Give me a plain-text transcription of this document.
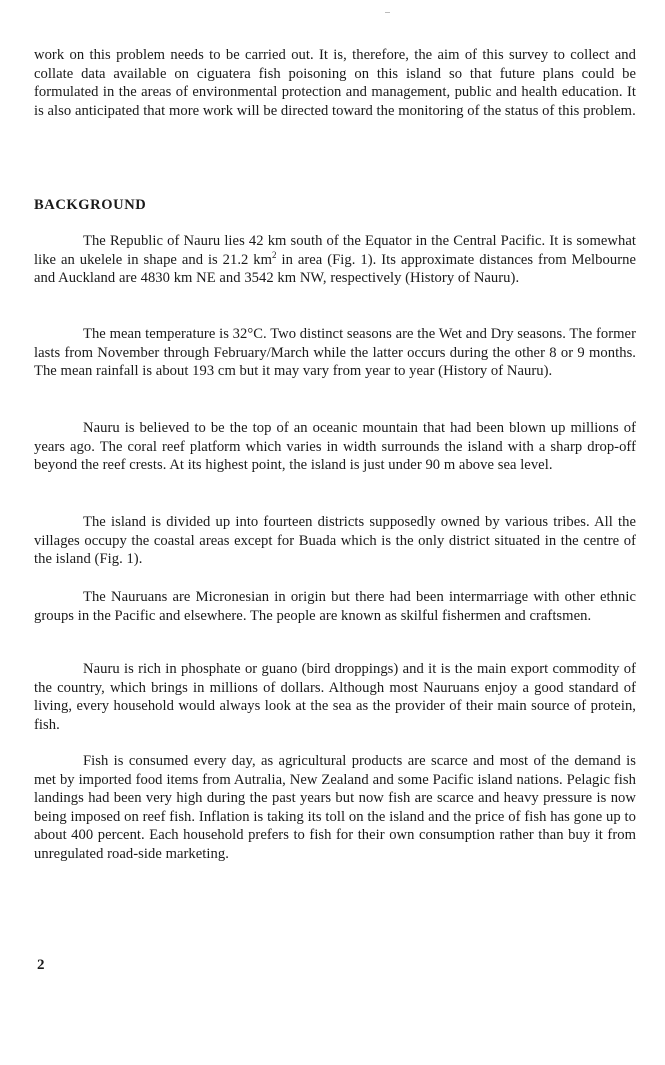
work on this problem needs to be carried out. It is, therefore, the aim of this survey to collect and collate data available on ciguatera fish poisoning on this island so that future plans could be formulated in the areas of environmental protection and management, public and health education. It is also anticipated that more work will be directed toward the monitoring of the status of this problem.

BACKGROUND

The Republic of Nauru lies 42 km south of the Equator in the Central Pacific. It is somewhat like an ukelele in shape and is 21.2 $km^2$ in area (Fig. 1). Its approximate distances from Melbourne and Auckland are 4830 km NE and 3542 km NW, respectively (History of Nauru).

The mean temperature is 32°C. Two distinct seasons are the Wet and Dry seasons. The former lasts from November through February/March while the latter occurs during the other 8 or 9 months. The mean rainfall is about 193 cm but it may vary from year to year (History of Nauru).

Nauru is believed to be the top of an oceanic mountain that had been blown up millions of years ago. The coral reef platform which varies in width surrounds the island with a sharp drop-off beyond the reef crests. At its highest point, the island is just under 90 m above sea level.

The island is divided up into fourteen districts supposedly owned by various tribes. All the villages occupy the coastal areas except for Buada which is the only district situated in the centre of the island (Fig. 1).

The Nauruans are Micronesian in origin but there had been intermarriage with other ethnic groups in the Pacific and elsewhere. The people are known as skilful fishermen and craftsmen.

Nauru is rich in phosphate or guano (bird droppings) and it is the main export commodity of the country, which brings in millions of dollars. Although most Nauruans enjoy a good standard of living, every household would always look at the sea as the provider of their main source of protein, fish.

Fish is consumed every day, as agricultural products are scarce and most of the demand is met by imported food items from Autralia, New Zealand and some Pacific island nations. Pelagic fish landings had been very high during the past years but now fish are scarce and heavy pressure is now being imposed on reef fish. Inflation is taking its toll on the island and the price of fish has gone up to about 400 percent. Each household prefers to fish for their own consumption rather than buy it from unregulated road-side marketing.

2
